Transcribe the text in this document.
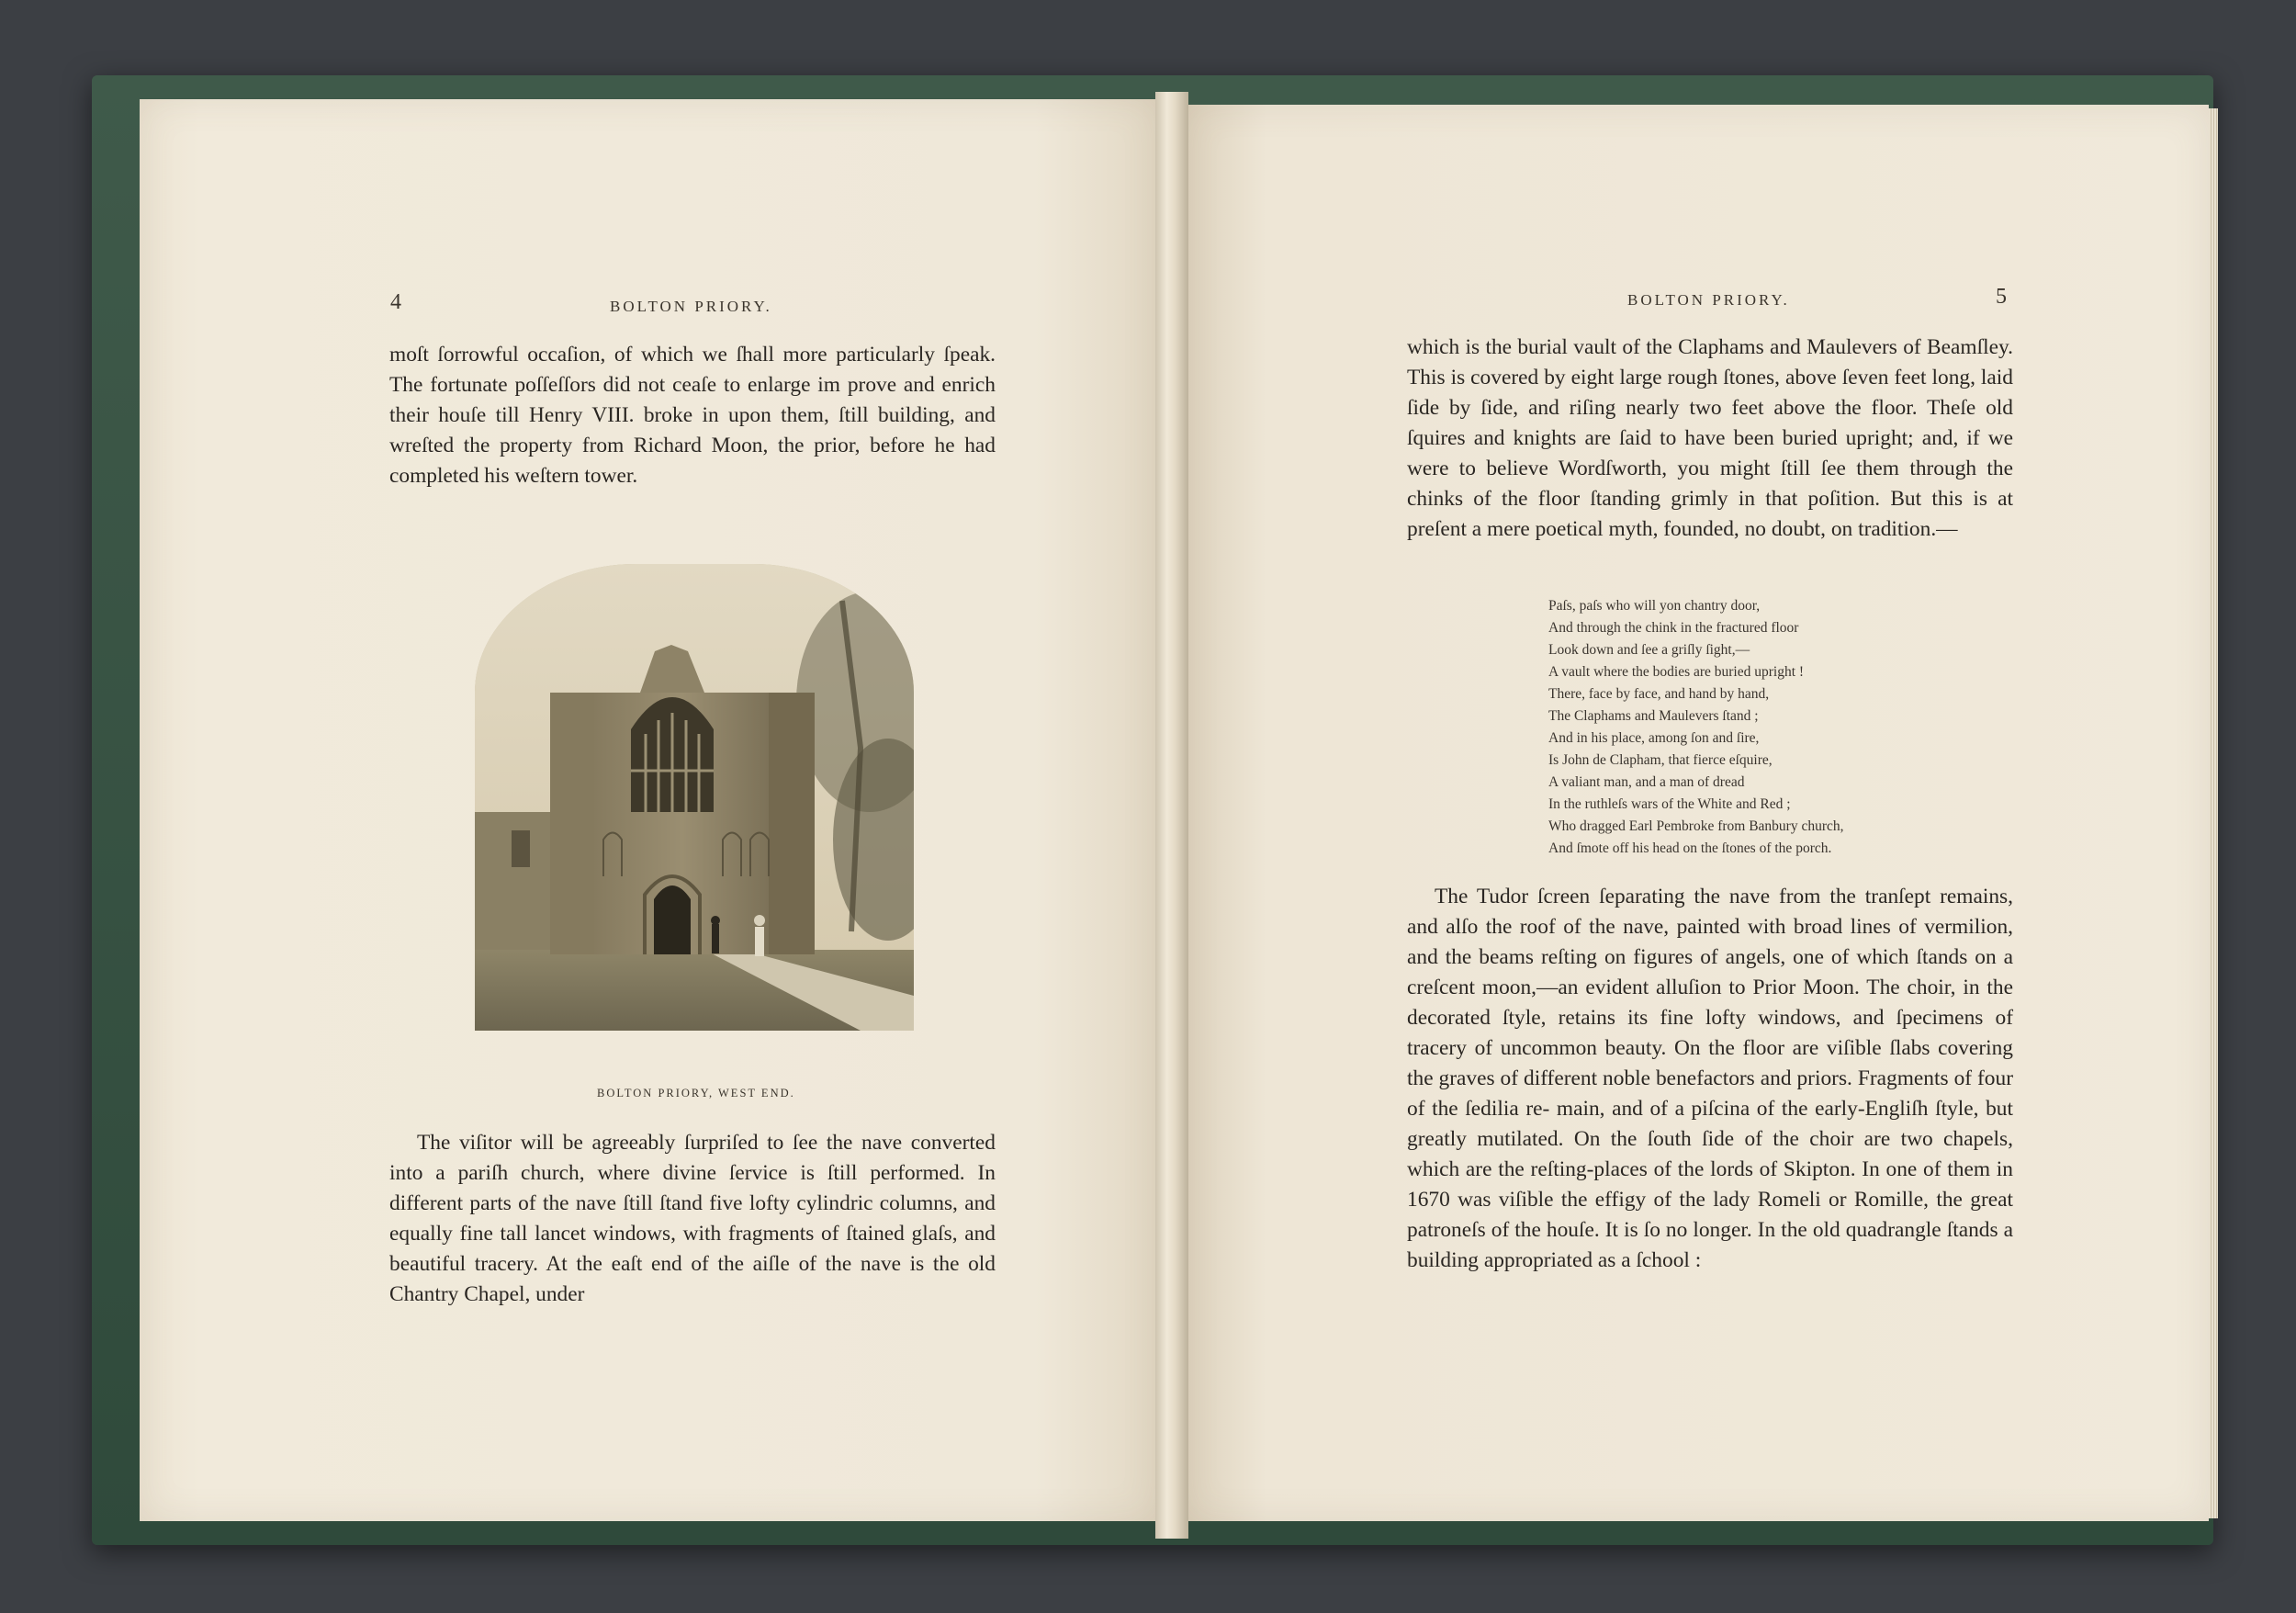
4	BOLTON PRIORY.

moſt ſorrowful occaſion, of which we ſhall more particularly ſpeak. The fortunate poſſeſſors did not ceaſe to enlarge im prove and enrich their houſe till Henry VIII. broke in upon them, ſtill building, and wreſted the property from Richard Moon, the prior, before he had completed his weſtern tower.

BOLTON PRIORY, WEST END.

The viſitor will be agreeably ſurpriſed to ſee the nave converted into a pariſh church, where divine ſervice is ſtill performed. In different parts of the nave ſtill ſtand five lofty cylindric columns, and equally fine tall lancet windows, with fragments of ſtained glaſs, and beautiful tracery. At the eaſt end of the aiſle of the nave is the old Chantry Chapel, under

BOLTON PRIORY.	5

which is the burial vault of the Claphams and Maulevers of Beamſley. This is covered by eight large rough ſtones, above ſeven feet long, laid ſide by ſide, and riſing nearly two feet above the floor. Theſe old ſquires and knights are ſaid to have been buried upright; and, if we were to believe Wordſworth, you might ſtill ſee them through the chinks of the floor ſtanding grimly in that poſition. But this is at preſent a mere poetical myth, founded, no doubt, on tradition.—

Paſs, paſs who will yon chantry door,
And through the chink in the fractured floor
Look down and ſee a griſly ſight,—
A vault where the bodies are buried upright !
There, face by face, and hand by hand,
The Claphams and Maulevers ſtand ;
And in his place, among ſon and ſire,
Is John de Clapham, that fierce eſquire,
A valiant man, and a man of dread
In the ruthleſs wars of the White and Red ;
Who dragged Earl Pembroke from Banbury church,
And ſmote off his head on the ſtones of the porch.

The Tudor ſcreen ſeparating the nave from the tranſept remains, and alſo the roof of the nave, painted with broad lines of vermilion, and the beams reſting on figures of angels, one of which ſtands on a creſcent moon,—an evident alluſion to Prior Moon. The choir, in the decorated ſtyle, retains its fine lofty windows, and ſpecimens of tracery of uncommon beauty. On the floor are viſible ſlabs covering the graves of different noble benefactors and priors. Fragments of four of the ſedilia re- main, and of a piſcina of the early-Engliſh ſtyle, but greatly mutilated. On the ſouth ſide of the choir are two chapels, which are the reſting-places of the lords of Skipton. In one of them in 1670 was viſible the effigy of the lady Romeli or Romille, the great patroneſs of the houſe. It is ſo no longer. In the old quadrangle ſtands a building appropriated as a ſchool :
